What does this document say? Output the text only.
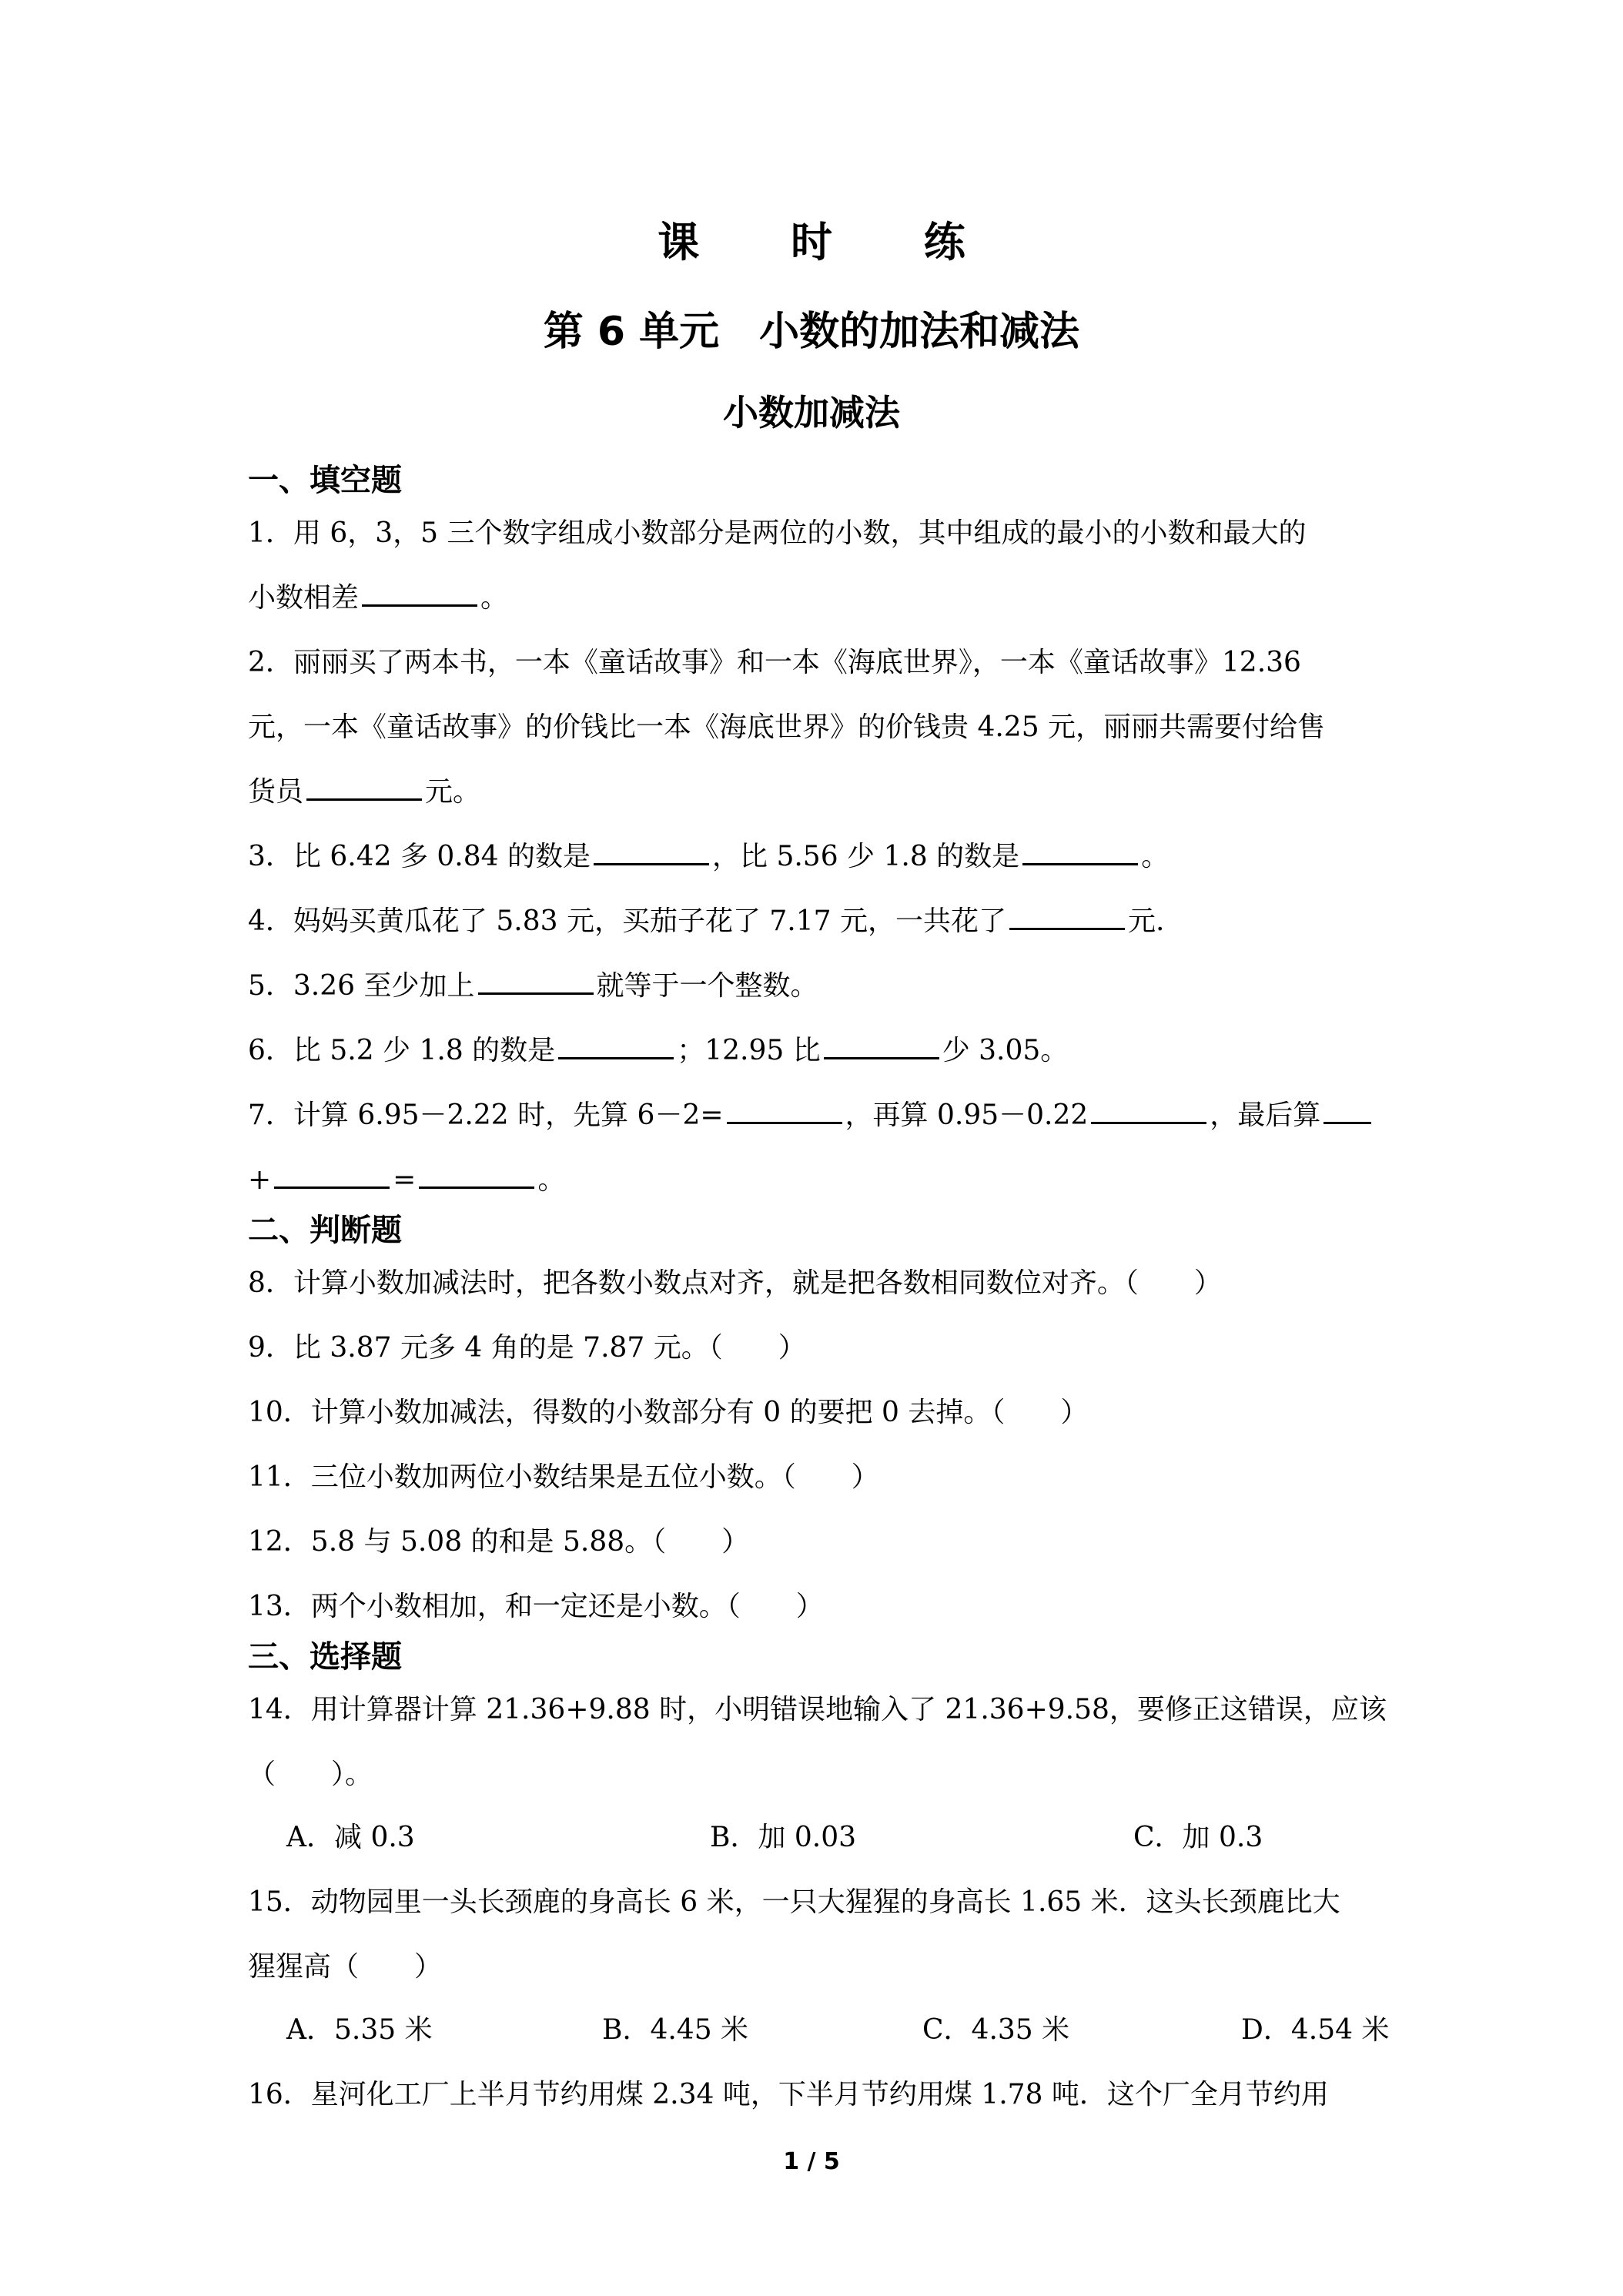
课　时　练
第 6 单元　小数的加法和减法
小数加减法
一、填空题
1．用 6，3，5 三个数字组成小数部分是两位的小数，其中组成的最小的小数和最大的
小数相差	。
2．丽丽买了两本书，一本《童话故事》和一本《海底世界》，一本《童话故事》12.36
元，一本《童话故事》的价钱比一本《海底世界》的价钱贵 4.25 元，丽丽共需要付给售
货员	元。
3．比 6.42 多 0.84 的数是	，比 5.56 少 1.8 的数是	。
4．妈妈买黄瓜花了 5.83 元，买茄子花了 7.17 元，一共花了	元.
5．3.26 至少加上	就等于一个整数。
6．比 5.2 少 1.8 的数是	；12.95 比	少 3.05。
7．计算 6.95－2.22 时，先算 6－2=	，再算 0.95－0.22	，最后算
+	=	。
二、判断题
8．计算小数加减法时，把各数小数点对齐，就是把各数相同数位对齐。（　　）
9．比 3.87 元多 4 角的是 7.87 元。（　　）
10．计算小数加减法，得数的小数部分有 0 的要把 0 去掉。（　　）
11．三位小数加两位小数结果是五位小数。（　　）
12．5.8 与 5.08 的和是 5.88。（　　）
13．两个小数相加，和一定还是小数。（　　）
三、选择题
14．用计算器计算 21.36+9.88 时，小明错误地输入了 21.36+9.58，要修正这错误，应该
（　　）。
A．减 0.3	B．加 0.03	C．加 0.3
15．动物园里一头长颈鹿的身高长 6 米，一只大猩猩的身高长 1.65 米．这头长颈鹿比大
猩猩高（　　）
A．5.35 米	B．4.45 米	C．4.35 米	D．4.54 米
16．星河化工厂上半月节约用煤 2.34 吨，下半月节约用煤 1.78 吨．这个厂全月节约用
1 / 5
